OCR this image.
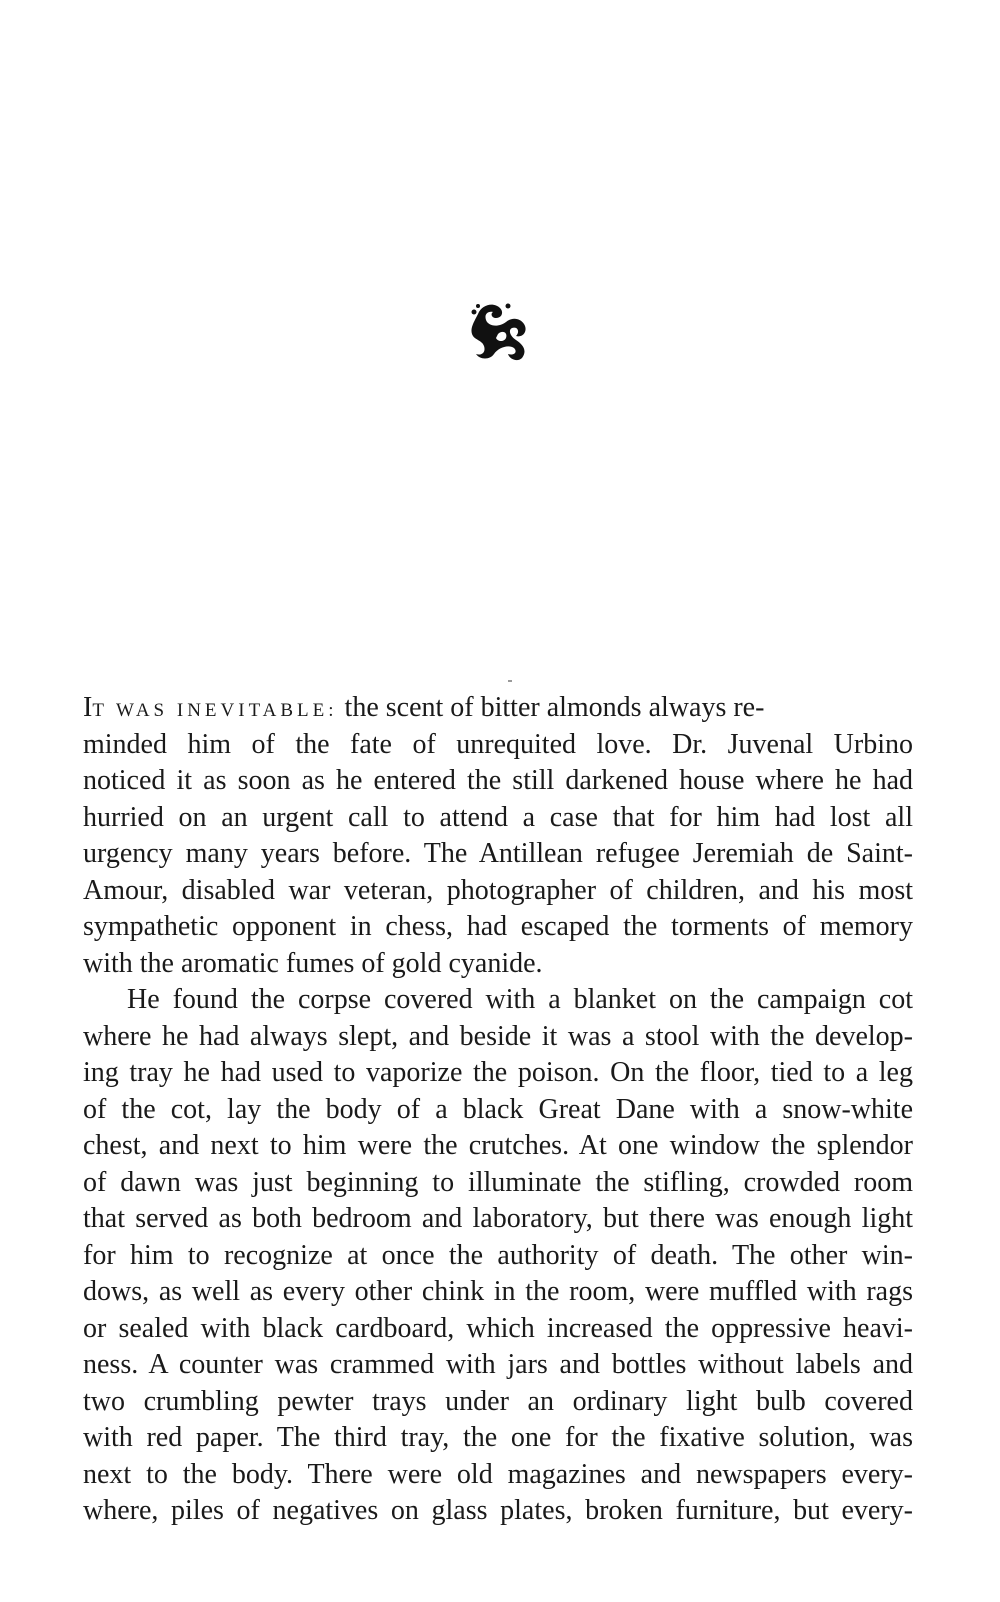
IT WAS INEVITABLE: the scent of bitter almonds always re-
minded him of the fate of unrequited love. Dr. Juvenal Urbino
noticed it as soon as he entered the still darkened house where he had
hurried on an urgent call to attend a case that for him had lost all
urgency many years before. The Antillean refugee Jeremiah de Saint-
Amour, disabled war veteran, photographer of children, and his most
sympathetic opponent in chess, had escaped the torments of memory
with the aromatic fumes of gold cyanide.
He found the corpse covered with a blanket on the campaign cot
where he had always slept, and beside it was a stool with the develop-
ing tray he had used to vaporize the poison. On the floor, tied to a leg
of the cot, lay the body of a black Great Dane with a snow-white
chest, and next to him were the crutches. At one window the splendor
of dawn was just beginning to illuminate the stifling, crowded room
that served as both bedroom and laboratory, but there was enough light
for him to recognize at once the authority of death. The other win-
dows, as well as every other chink in the room, were muffled with rags
or sealed with black cardboard, which increased the oppressive heavi-
ness. A counter was crammed with jars and bottles without labels and
two crumbling pewter trays under an ordinary light bulb covered
with red paper. The third tray, the one for the fixative solution, was
next to the body. There were old magazines and newspapers every-
where, piles of negatives on glass plates, broken furniture, but every-
